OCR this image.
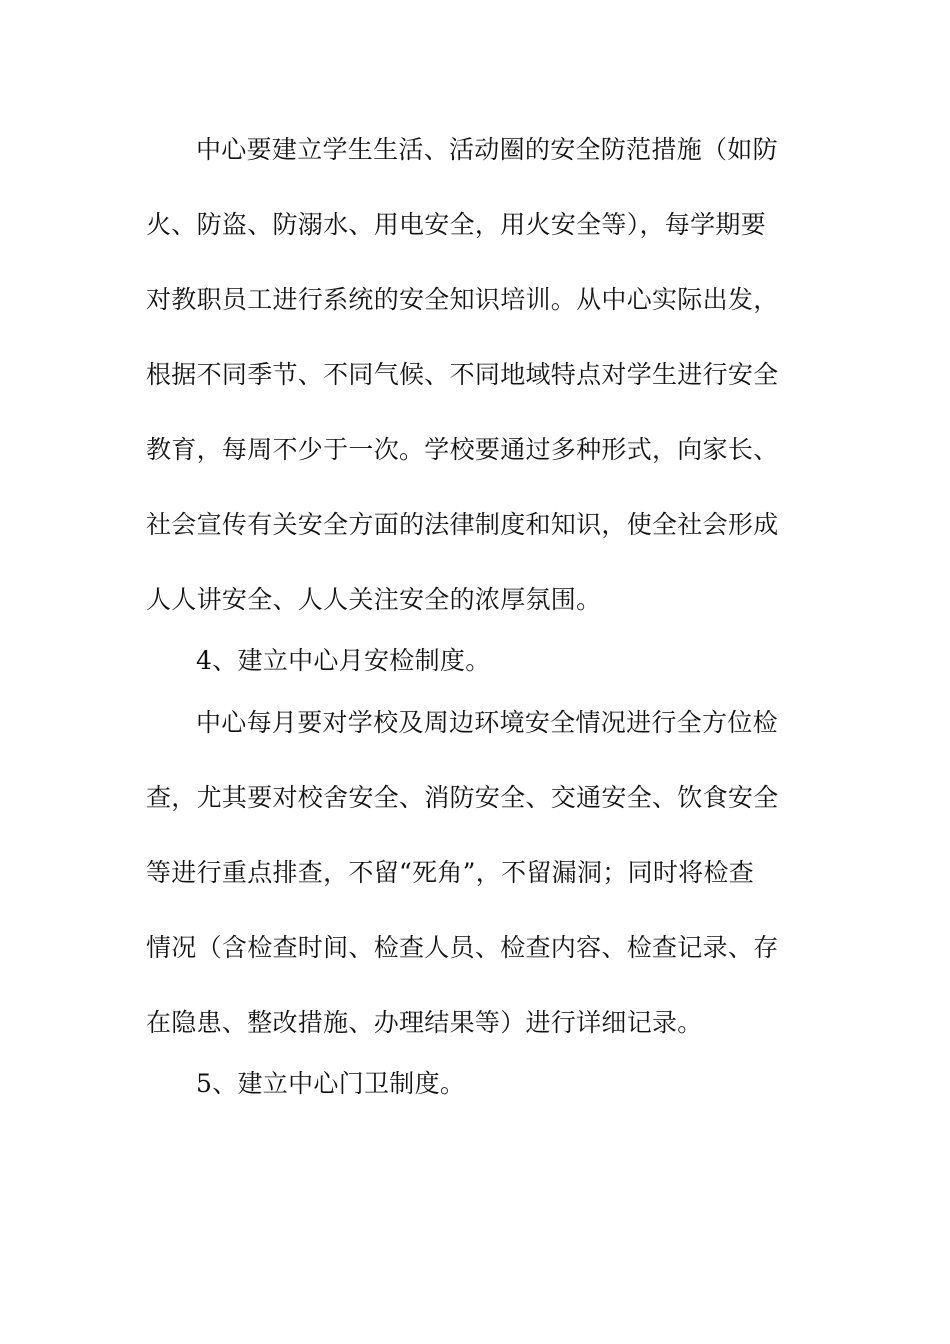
中心要建立学生生活、活动圈的安全防范措施（如防
火、防盗、防溺水、用电安全，用火安全等），每学期要
对教职员工进行系统的安全知识培训。从中心实际出发，
根据不同季节、不同气候、不同地域特点对学生进行安全
教育，每周不少于一次。学校要通过多种形式，向家长、
社会宣传有关安全方面的法律制度和知识，使全社会形成
人人讲安全、人人关注安全的浓厚氛围。
4、建立中心月安检制度。
中心每月要对学校及周边环境安全情况进行全方位检
查，尤其要对校舍安全、消防安全、交通安全、饮食安全
等进行重点排查，不留“死角”，不留漏洞；同时将检查
情况（含检查时间、检查人员、检查内容、检查记录、存
在隐患、整改措施、办理结果等）进行详细记录。
5、建立中心门卫制度。
